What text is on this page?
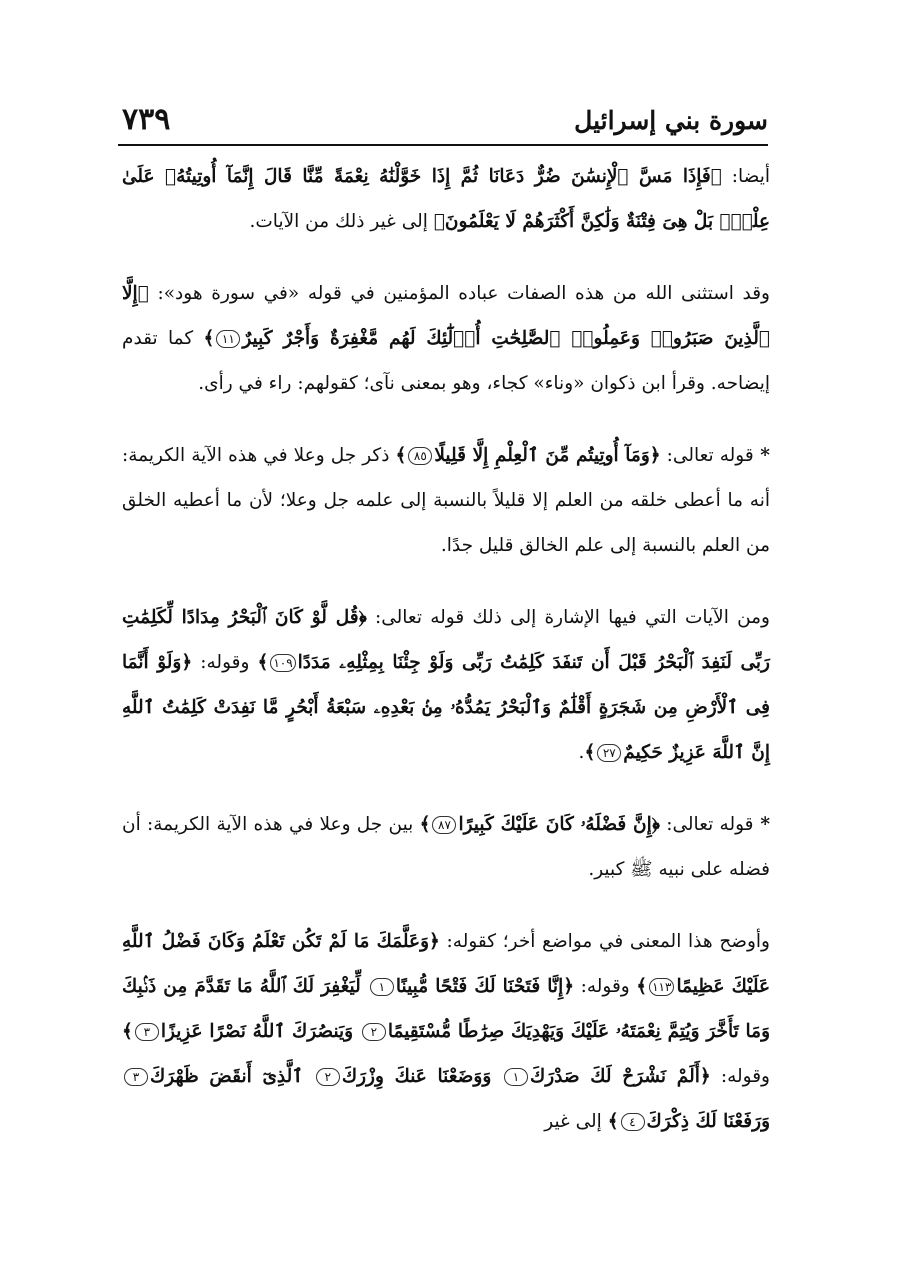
سورة بني إسرائيل
٧٣٩

أيضا: ﴿فَإِذَا مَسَّ ٱلْإِنسَٰنَ ضُرٌّ دَعَانَا ثُمَّ إِذَا خَوَّلْنَٰهُ نِعْمَةً مِّنَّا قَالَ إِنَّمَآ أُوتِيتُهُۥ عَلَىٰ عِلْمٍۭ بَلْ هِىَ فِتْنَةٌ وَلَٰكِنَّ أَكْثَرَهُمْ لَا يَعْلَمُونَ﴾ إلى غير ذلك من الآيات.

وقد استثنى الله من هذه الصفات عباده المؤمنين في قوله «في سورة هود»: ﴿إِلَّا ٱلَّذِينَ صَبَرُوا۟ وَعَمِلُوا۟ ٱلصَّٰلِحَٰتِ أُو۟لَٰٓئِكَ لَهُم مَّغْفِرَةٌ وَأَجْرٌ كَبِيرٌ١١﴾ كما تقدم إيضاحه. وقرأ ابن ذكوان «وناء» كجاء، وهو بمعنى نآى؛ كقولهم: راء في رأى.

* قوله تعالى: ﴿وَمَآ أُوتِيتُم مِّنَ ٱلْعِلْمِ إِلَّا قَلِيلًا٨٥﴾ ذكر جل وعلا في هذه الآية الكريمة: أنه ما أعطى خلقه من العلم إلا قليلاً بالنسبة إلى علمه جل وعلا؛ لأن ما أعطيه الخلق من العلم بالنسبة إلى علم الخالق قليل جدًا.

ومن الآيات التي فيها الإشارة إلى ذلك قوله تعالى: ﴿قُل لَّوْ كَانَ ٱلْبَحْرُ مِدَادًا لِّكَلِمَٰتِ رَبِّى لَنَفِدَ ٱلْبَحْرُ قَبْلَ أَن تَنفَدَ كَلِمَٰتُ رَبِّى وَلَوْ جِئْنَا بِمِثْلِهِۦ مَدَدًا١٠٩﴾ وقوله: ﴿وَلَوْ أَنَّمَا فِى ٱلْأَرْضِ مِن شَجَرَةٍ أَقْلَٰمٌ وَٱلْبَحْرُ يَمُدُّهُۥ مِنۢ بَعْدِهِۦ سَبْعَةُ أَبْحُرٍ مَّا نَفِدَتْ كَلِمَٰتُ ٱللَّهِ إِنَّ ٱللَّهَ عَزِيزٌ حَكِيمٌ٢٧﴾.

* قوله تعالى: ﴿إِنَّ فَضْلَهُۥ كَانَ عَلَيْكَ كَبِيرًا٨٧﴾ بين جل وعلا في هذه الآية الكريمة: أن فضله على نبيه ﷺ كبير.

وأوضح هذا المعنى في مواضع أخر؛ كقوله: ﴿وَعَلَّمَكَ مَا لَمْ تَكُن تَعْلَمُ وَكَانَ فَضْلُ ٱللَّهِ عَلَيْكَ عَظِيمًا١١٣﴾ وقوله: ﴿إِنَّا فَتَحْنَا لَكَ فَتْحًا مُّبِينًا١ لِّيَغْفِرَ لَكَ ٱللَّهُ مَا تَقَدَّمَ مِن ذَنۢبِكَ وَمَا تَأَخَّرَ وَيُتِمَّ نِعْمَتَهُۥ عَلَيْكَ وَيَهْدِيَكَ صِرَٰطًا مُّسْتَقِيمًا٢ وَيَنصُرَكَ ٱللَّهُ نَصْرًا عَزِيزًا٣﴾ وقوله: ﴿أَلَمْ نَشْرَحْ لَكَ صَدْرَكَ١ وَوَضَعْنَا عَنكَ وِزْرَكَ٢ ٱلَّذِىٓ أَنقَضَ ظَهْرَكَ٣ وَرَفَعْنَا لَكَ ذِكْرَكَ٤﴾ إلى غير
